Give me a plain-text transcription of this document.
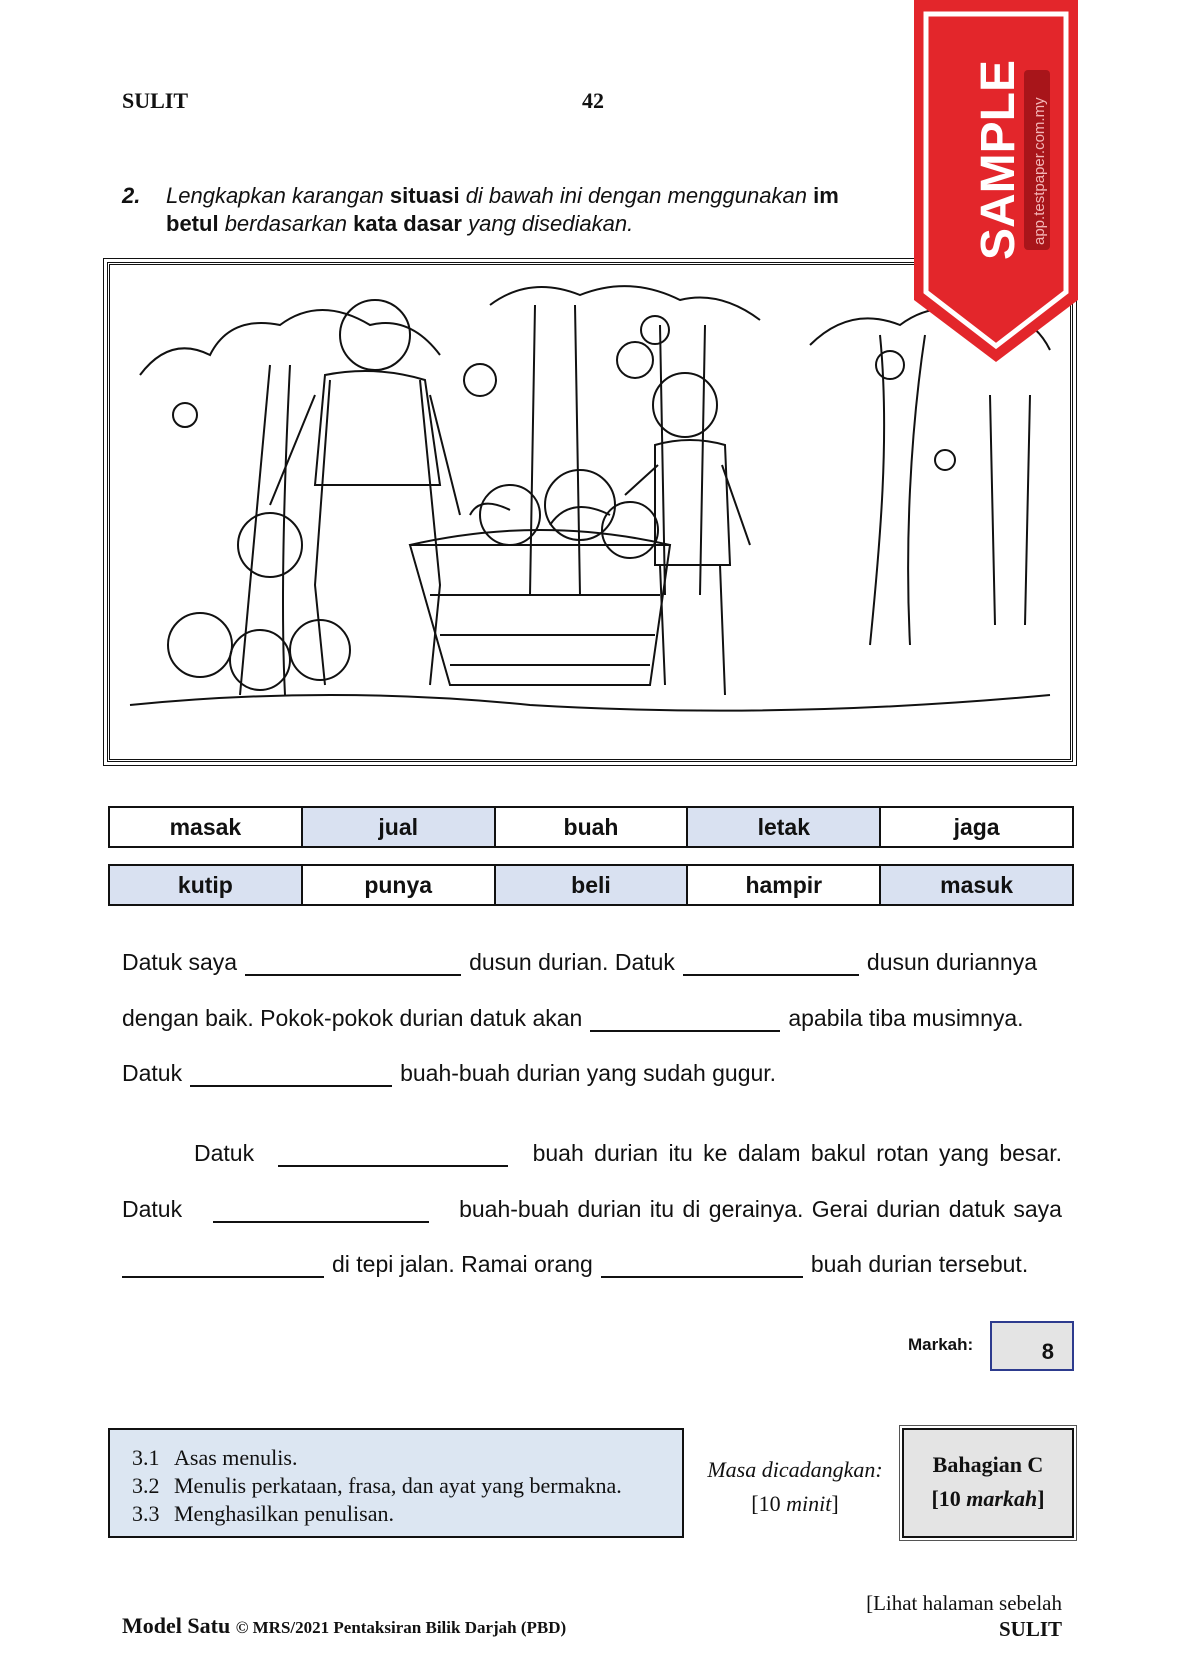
SULIT	42
2. Lengkapkan karangan situasi di bawah ini dengan menggunakan im
betul berdasarkan kata dasar yang disediakan.
masak	jual	buah	letak	jaga
kutip	punya	beli	hampir	masuk
Datuk saya	dusun durian. Datuk	dusun duriannya
dengan baik. Pokok-pokok durian datuk akan	apabila tiba musimnya.
Datuk	buah-buah durian yang sudah gugur.
Datuk	buah durian itu ke dalam bakul rotan yang besar.
Datuk	buah-buah durian itu di gerainya. Gerai durian datuk saya
di tepi jalan. Ramai orang	buah durian tersebut.
Markah:	8
3.1 Asas menulis.
3.2 Menulis perkataan, frasa, dan ayat yang bermakna.
3.3 Menghasilkan penulisan.
Masa dicadangkan:
[10 minit]
Bahagian C
[10 markah]
[Lihat halaman sebelah
SULIT
Model Satu © MRS/2021 Pentaksiran Bilik Darjah (PBD)
SAMPLE app.testpaper.com.my
